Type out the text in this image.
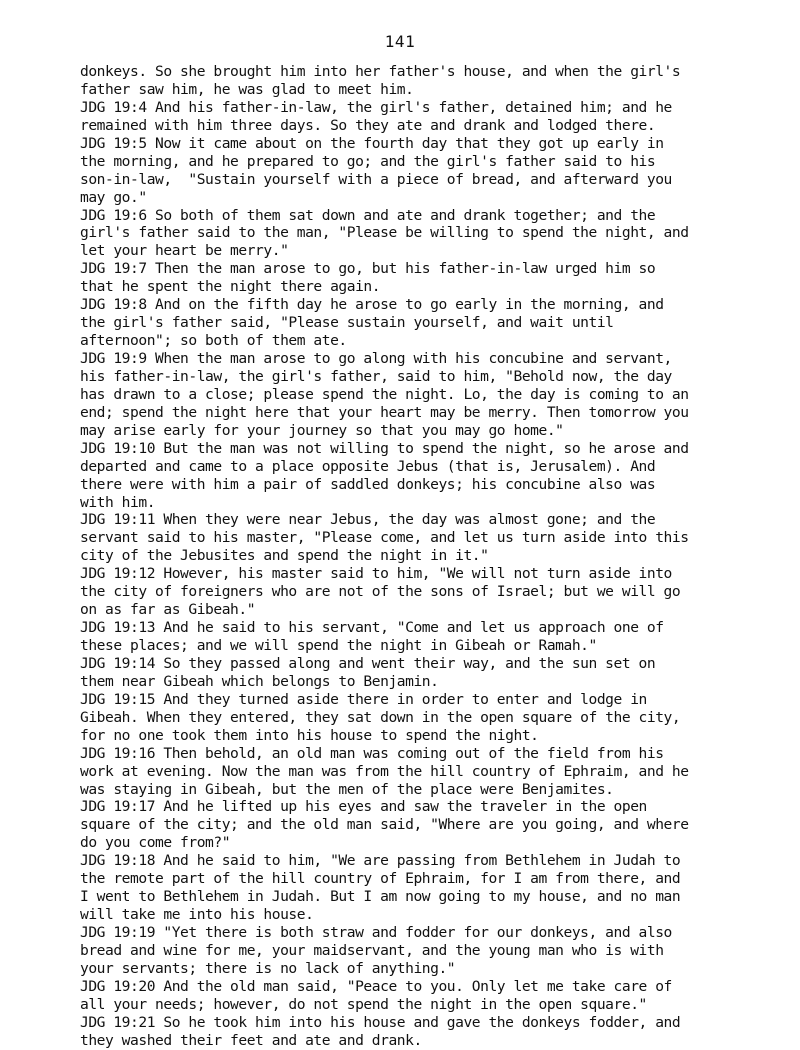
141
donkeys. So she brought him into her father's house, and when the girl's
father saw him, he was glad to meet him.
JDG 19:4 And his father-in-law, the girl's father, detained him; and he
remained with him three days. So they ate and drank and lodged there.
JDG 19:5 Now it came about on the fourth day that they got up early in
the morning, and he prepared to go; and the girl's father said to his
son-in-law,  "Sustain yourself with a piece of bread, and afterward you
may go."
JDG 19:6 So both of them sat down and ate and drank together; and the
girl's father said to the man, "Please be willing to spend the night, and
let your heart be merry."
JDG 19:7 Then the man arose to go, but his father-in-law urged him so
that he spent the night there again.
JDG 19:8 And on the fifth day he arose to go early in the morning, and
the girl's father said, "Please sustain yourself, and wait until
afternoon"; so both of them ate.
JDG 19:9 When the man arose to go along with his concubine and servant,
his father-in-law, the girl's father, said to him, "Behold now, the day
has drawn to a close; please spend the night. Lo, the day is coming to an
end; spend the night here that your heart may be merry. Then tomorrow you
may arise early for your journey so that you may go home."
JDG 19:10 But the man was not willing to spend the night, so he arose and
departed and came to a place opposite Jebus (that is, Jerusalem). And
there were with him a pair of saddled donkeys; his concubine also was
with him.
JDG 19:11 When they were near Jebus, the day was almost gone; and the
servant said to his master, "Please come, and let us turn aside into this
city of the Jebusites and spend the night in it."
JDG 19:12 However, his master said to him, "We will not turn aside into
the city of foreigners who are not of the sons of Israel; but we will go
on as far as Gibeah."
JDG 19:13 And he said to his servant, "Come and let us approach one of
these places; and we will spend the night in Gibeah or Ramah."
JDG 19:14 So they passed along and went their way, and the sun set on
them near Gibeah which belongs to Benjamin.
JDG 19:15 And they turned aside there in order to enter and lodge in
Gibeah. When they entered, they sat down in the open square of the city,
for no one took them into his house to spend the night.
JDG 19:16 Then behold, an old man was coming out of the field from his
work at evening. Now the man was from the hill country of Ephraim, and he
was staying in Gibeah, but the men of the place were Benjamites.
JDG 19:17 And he lifted up his eyes and saw the traveler in the open
square of the city; and the old man said, "Where are you going, and where
do you come from?"
JDG 19:18 And he said to him, "We are passing from Bethlehem in Judah to
the remote part of the hill country of Ephraim, for I am from there, and
I went to Bethlehem in Judah. But I am now going to my house, and no man
will take me into his house.
JDG 19:19 "Yet there is both straw and fodder for our donkeys, and also
bread and wine for me, your maidservant, and the young man who is with
your servants; there is no lack of anything."
JDG 19:20 And the old man said, "Peace to you. Only let me take care of
all your needs; however, do not spend the night in the open square."
JDG 19:21 So he took him into his house and gave the donkeys fodder, and
they washed their feet and ate and drank.
